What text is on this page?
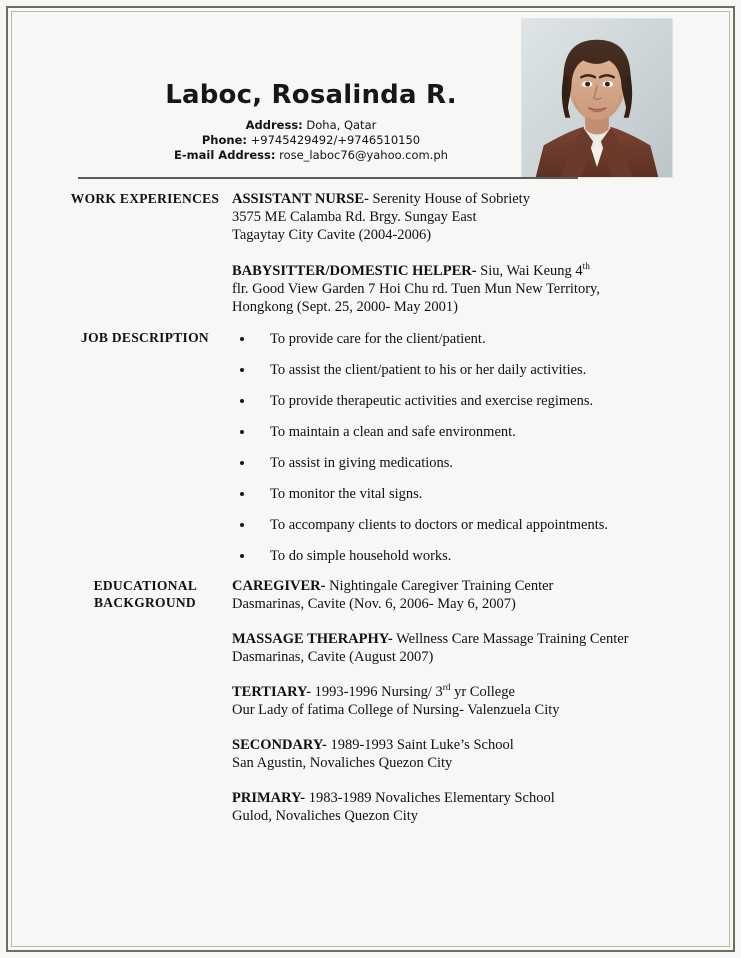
Laboc, Rosalinda R.
Address: Doha, Qatar
Phone: +9745429492/+9746510150
E-mail Address: rose_laboc76@yahoo.com.ph
WORK EXPERIENCES ASSISTANT NURSE- Serenity House of Sobriety
3575 ME Calamba Rd. Brgy. Sungay East
Tagaytay City Cavite (2004-2006)
BABYSITTER/DOMESTIC HELPER- Siu, Wai Keung 4th
flr. Good View Garden 7 Hoi Chu rd. Tuen Mun New Territory,
Hongkong (Sept. 25, 2000- May 2001)
JOB DESCRIPTION	To provide care for the client/patient.
To assist the client/patient to his or her daily activities.
To provide therapeutic activities and exercise regimens.
To maintain a clean and safe environment.
To assist in giving medications.
To monitor the vital signs.
To accompany clients to doctors or medical appointments.
To do simple household works.
EDUCATIONAL BACKGROUND
CAREGIVER- Nightingale Caregiver Training Center
Dasmarinas, Cavite (Nov. 6, 2006- May 6, 2007)
MASSAGE THERAPHY- Wellness Care Massage Training Center
Dasmarinas, Cavite (August 2007)
TERTIARY- 1993-1996 Nursing/ 3rd yr College
Our Lady of fatima College of Nursing- Valenzuela City
SECONDARY- 1989-1993 Saint Luke’s School
San Agustin, Novaliches Quezon City
PRIMARY- 1983-1989 Novaliches Elementary School
Gulod, Novaliches Quezon City
